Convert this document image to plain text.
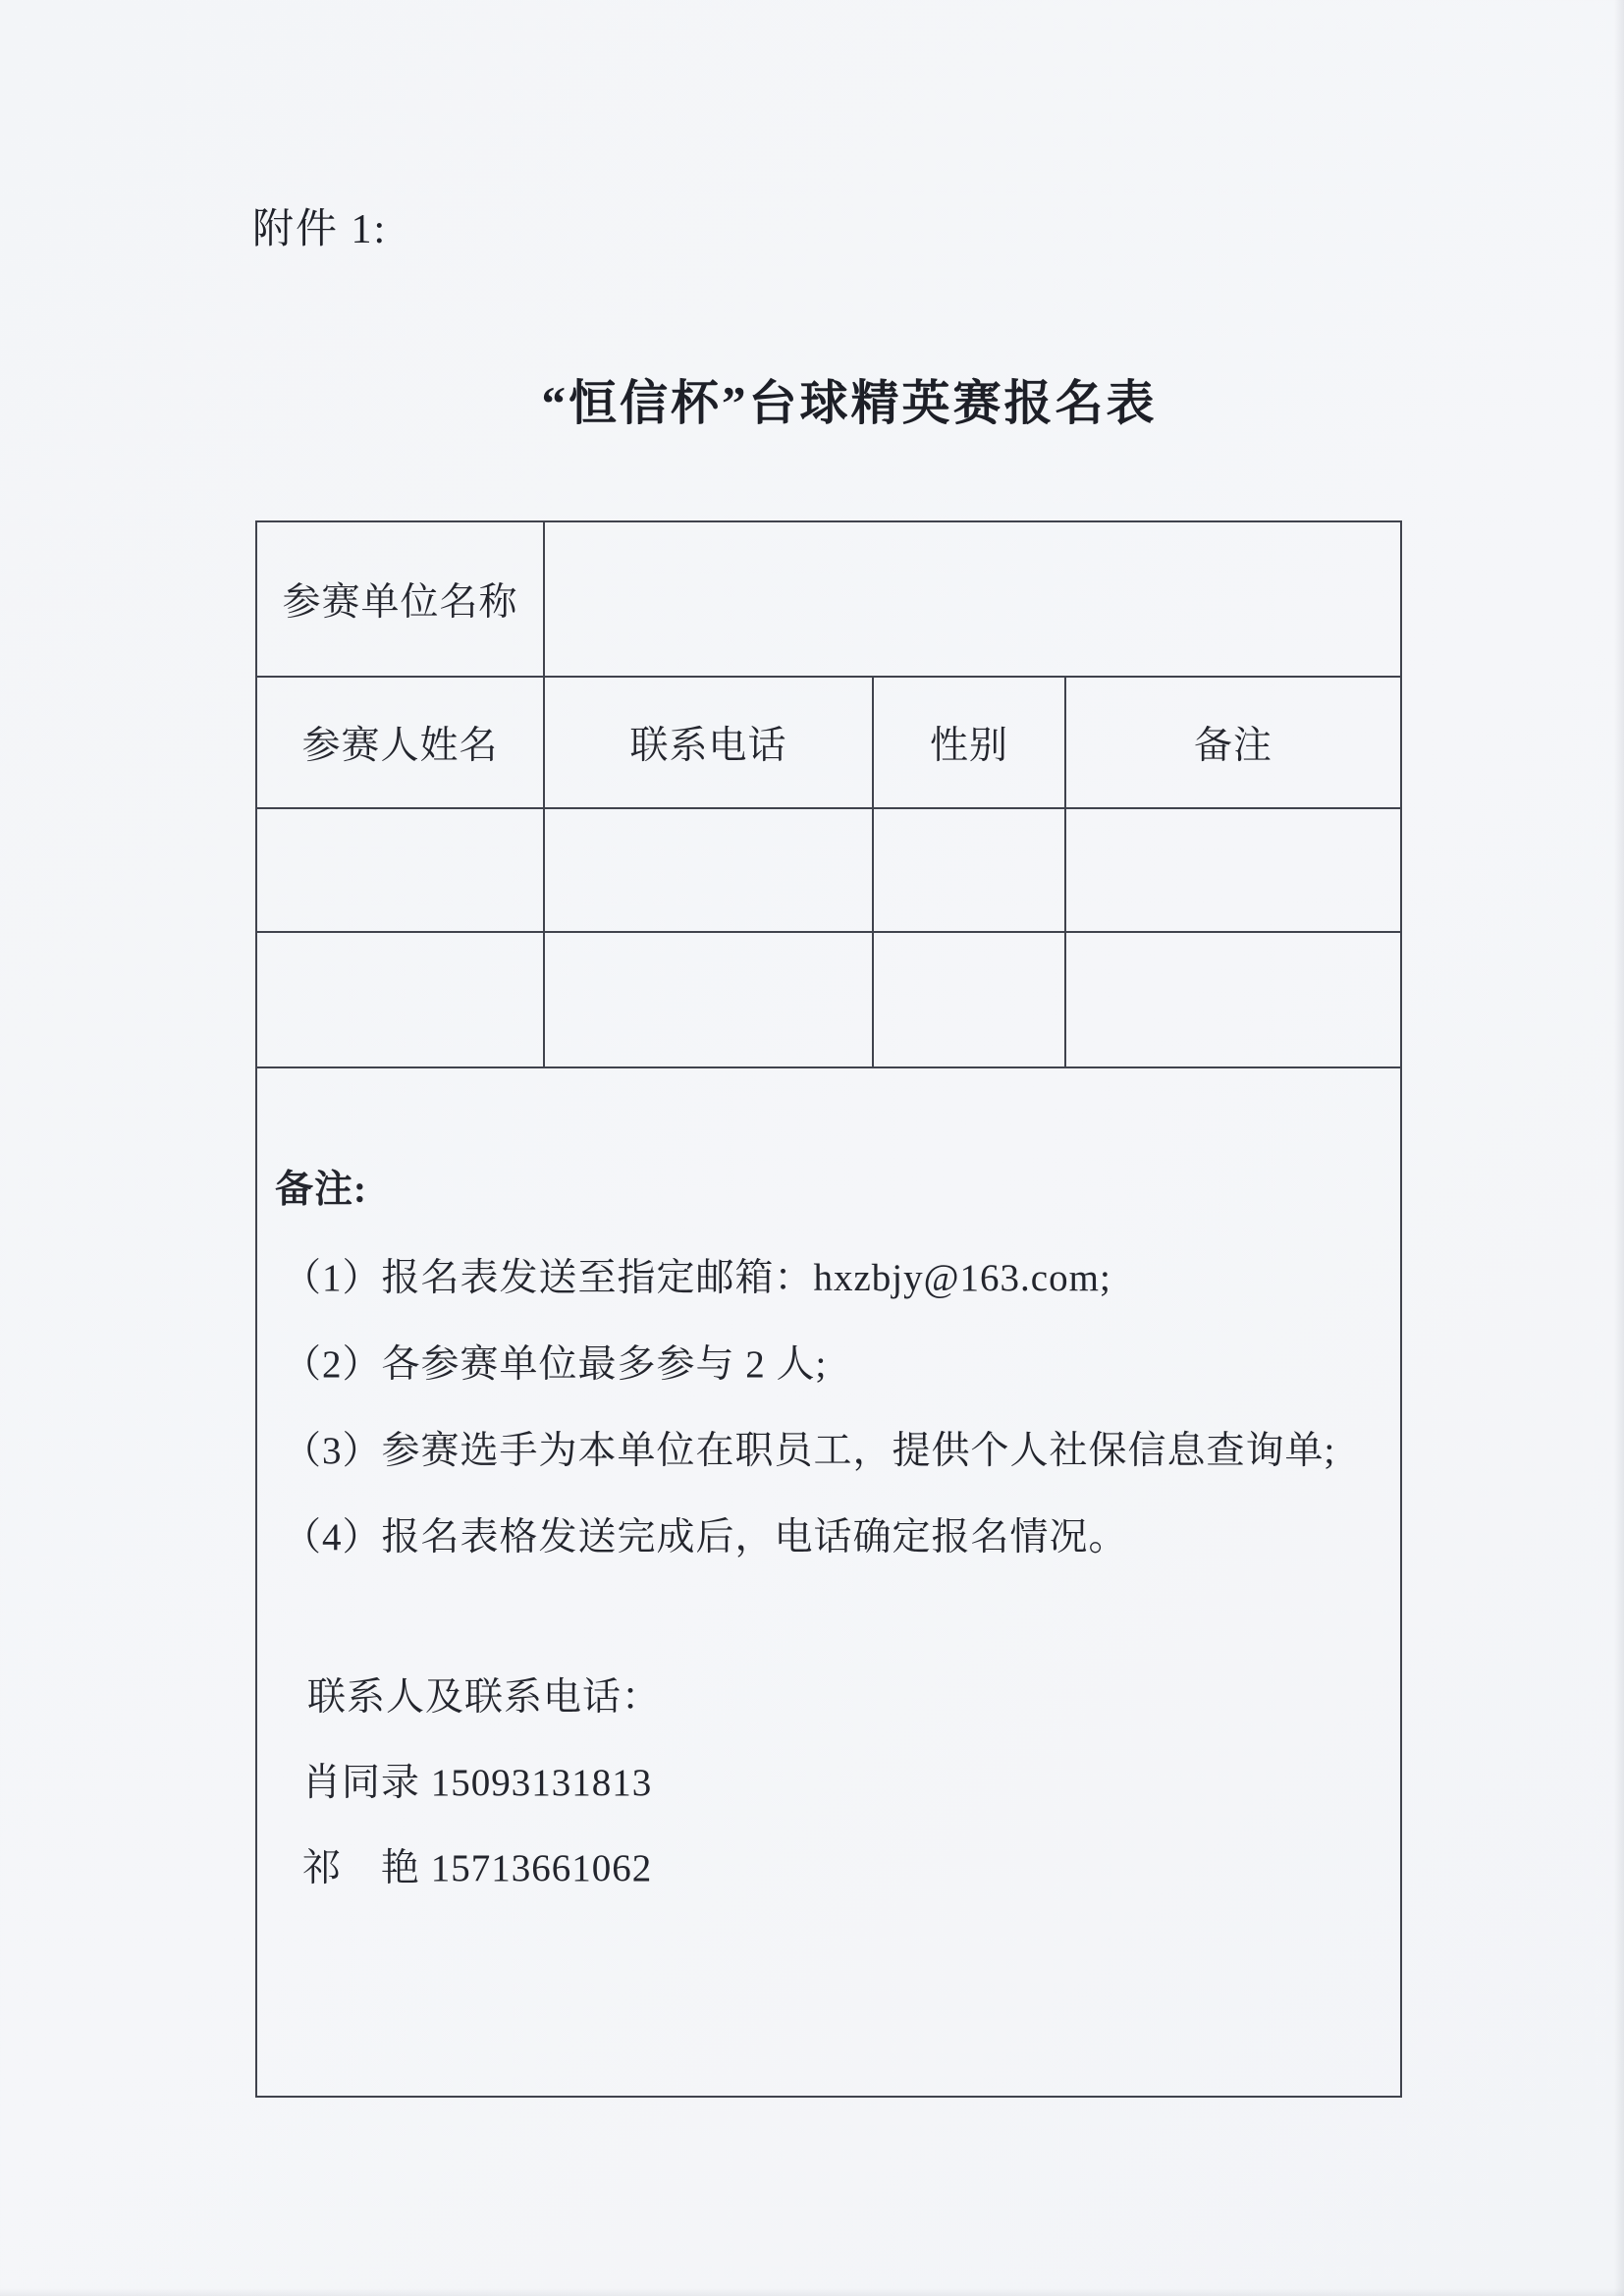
附件 1:
“恒信杯”台球精英赛报名表
参赛单位名称			
参赛人姓名	联系电话	性别	备注

备注:
（1）报名表发送至指定邮箱：hxzbjy@163.com;
（2）各参赛单位最多参与 2 人;
（3）参赛选手为本单位在职员工，提供个人社保信息查询单;
（4）报名表格发送完成后，电话确定报名情况。
联系人及联系电话：
肖同录 15093131813
祁　艳 15713661062
